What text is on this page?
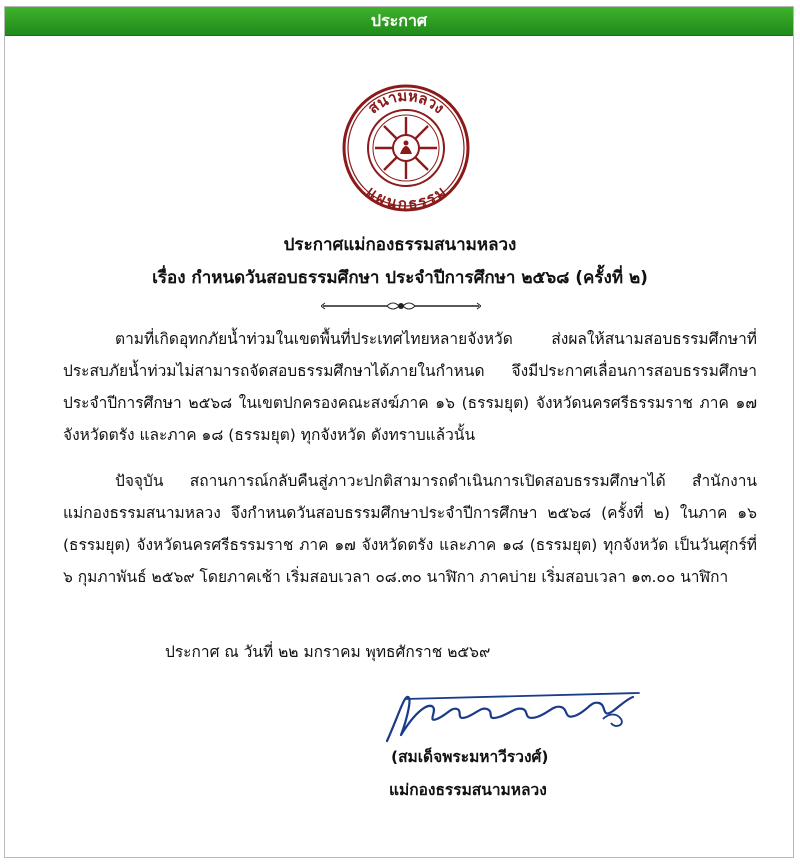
ประกาศ
สนามหลวง
แผนกธรรม
ประกาศแม่กองธรรมสนามหลวง
เรื่อง กำหนดวันสอบธรรมศึกษา ประจำปีการศึกษา ๒๕๖๘ (ครั้งที่ ๒)
ตามที่เกิดอุทกภัยน้ำท่วมในเขตพื้นที่ประเทศไทยหลายจังหวัด ส่งผลให้สนามสอบธรรมศึกษาที่ประสบภัยน้ำท่วมไม่สามารถจัดสอบธรรมศึกษาได้ภายในกำหนด จึงมีประกาศเลื่อนการสอบธรรมศึกษาประจำปีการศึกษา ๒๕๖๘ ในเขตปกครองคณะสงฆ์ภาค ๑๖ (ธรรมยุต) จังหวัดนครศรีธรรมราช ภาค ๑๗ จังหวัดตรัง และภาค ๑๘ (ธรรมยุต) ทุกจังหวัด ดังทราบแล้วนั้น
ปัจจุบัน สถานการณ์กลับคืนสู่ภาวะปกติสามารถดำเนินการเปิดสอบธรรมศึกษาได้ สำนักงานแม่กองธรรมสนามหลวง จึงกำหนดวันสอบธรรมศึกษาประจำปีการศึกษา ๒๕๖๘ (ครั้งที่ ๒) ในภาค ๑๖ (ธรรมยุต) จังหวัดนครศรีธรรมราช ภาค ๑๗ จังหวัดตรัง และภาค ๑๘ (ธรรมยุต) ทุกจังหวัด เป็นวันศุกร์ที่ ๖ กุมภาพันธ์ ๒๕๖๙ โดยภาคเช้า เริ่มสอบเวลา ๐๘.๓๐ นาฬิกา ภาคบ่าย เริ่มสอบเวลา ๑๓.๐๐ นาฬิกา
ประกาศ ณ วันที่ ๒๒ มกราคม พุทธศักราช ๒๕๖๙
(สมเด็จพระมหาวีรวงศ์)
แม่กองธรรมสนามหลวง
